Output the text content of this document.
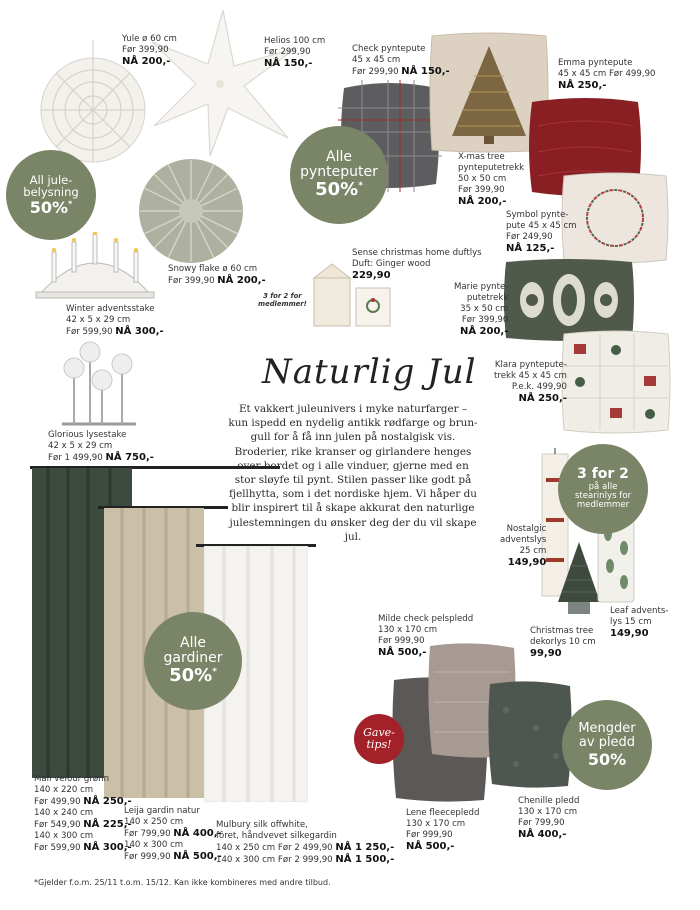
All jule-
belysning
50%*
Alle
pynteputer
50%*
Alle
gardiner
50%*
3 for 2
på alle
stearinlys for
medlemmer
Mengder
av pledd
50%
Gave-
tips!
3 for 2 for
medlemmer!
Naturlig Jul
Et vakkert juleunivers i myke naturfarger – kun ispedd en nydelig antikk rødfarge og brun-gull for å få inn julen på nostalgisk vis. Broderier, rike kranser og girlandere henges over bordet og i alle vinduer, gjerne med en stor sløyfe til pynt. Stilen passer like godt på fjellhytta, som i det nordiske hjem. Vi håper du blir inspirert til å skape akkurat den naturlige julestemningen du ønsker deg der du vil skape jul.
Yule ø 60 cm
Før 399,90
NÅ 200,-
Helios 100 cm
Før 299,90
NÅ 150,-
Check pyntepute
45 x 45 cm
Før 299,90 NÅ 150,-
Emma pyntepute
45 x 45 cm Før 499,90
NÅ 250,-
X-mas tree
pynteputetrekk
50 x 50 cm
Før 399,90
NÅ 200,-
Symbol pynte-
pute 45 x 45 cm
Før 249,90
NÅ 125,-
Snowy flake ø 60 cm
Før 399,90 NÅ 200,-
Sense christmas home duftlys
Duft: Ginger wood
229,90
Winter adventsstake
42 x 5 x 29 cm
Før 599,90 NÅ 300,-
Marie pynte-
putetrekk
35 x 50 cm
Før 399,90
NÅ 200,-
Klara pyntepute-
trekk 45 x 45 cm
P.e.k. 499,90
NÅ 250,-
Glorious lysestake
42 x 5 x 29 cm
Før 1 499,90 NÅ 750,-
Nostalgic
adventslys
25 cm
149,90
Leaf advents-
lys 15 cm
149,90
Christmas tree
dekorlys 10 cm
99,90
Milde check pelspledd
130 x 170 cm
Før 999,90
NÅ 500,-
Mali velour grønn
140 x 220 cm
Før 499,90 NÅ 250,-
140 x 240 cm
Før 549,90 NÅ 225,-
140 x 300 cm
Før 599,90 NÅ 300,-
Leija gardin natur
140 x 250 cm
Før 799,90 NÅ 400,-
140 x 300 cm
Før 999,90 NÅ 500,-
Mulbury silk offwhite,
fôret, håndvevet silkegardin
140 x 250 cm Før 2 499,90 NÅ 1 250,-
140 x 300 cm Før 2 999,90 NÅ 1 500,-
Lene fleecepledd
130 x 170 cm
Før 999,90
NÅ 500,-
Chenille pledd
130 x 170 cm
Før 799,90
NÅ 400,-
*Gjelder f.o.m. 25/11 t.o.m. 15/12. Kan ikke kombineres med andre tilbud.
